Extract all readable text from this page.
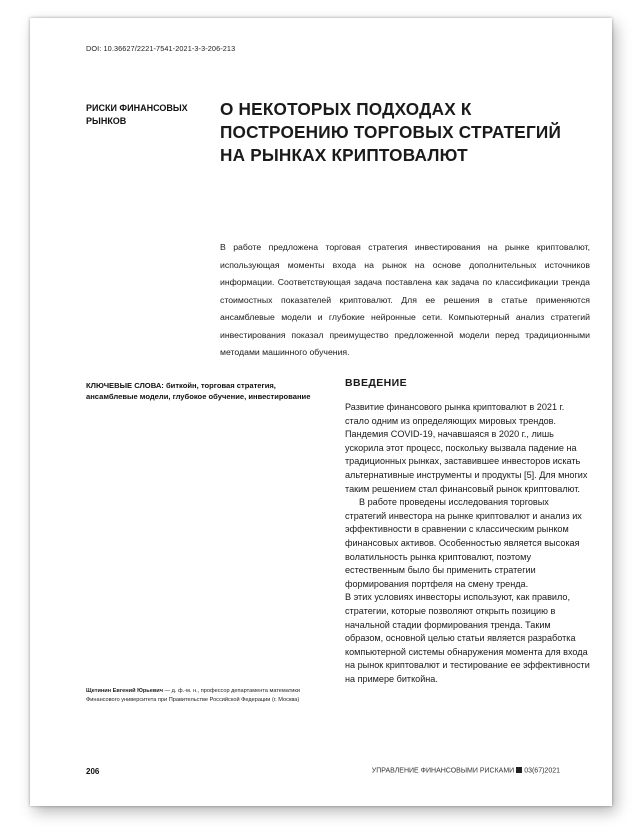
DOI: 10.36627/2221-7541-2021-3-3-206-213
РИСКИ ФИНАНСОВЫХ РЫНКОВ
О НЕКОТОРЫХ ПОДХОДАХ К ПОСТРОЕНИЮ ТОРГОВЫХ СТРАТЕГИЙ НА РЫНКАХ КРИПТОВАЛЮТ
В работе предложена торговая стратегия инвестирования на рынке криптовалют, использующая моменты входа на рынок на основе дополнительных источников информации. Соответствующая задача поставлена как задача по классификации тренда стоимостных показателей криптовалют. Для ее решения в статье применяются ансамблевые модели и глубокие нейронные сети. Компьютерный анализ стратегий инвестирования показал преимущество предложенной модели перед традиционными методами машинного обучения.
КЛЮЧЕВЫЕ СЛОВА: биткойн, торговая стратегия, ансамблевые модели, глубокое обучение, инвестирование
ВВЕДЕНИЕ

Развитие финансового рынка криптовалют в 2021 г. стало одним из определяющих мировых трендов. Пандемия COVID-19, начавшаяся в 2020 г., лишь ускорила этот процесс, поскольку вызвала падение на традиционных рынках, заставившее инвесторов искать альтернативные инструменты и продукты [5]. Для многих таким решением стал финансовый рынок криптовалют.

В работе проведены исследования торговых стратегий инвестора на рынке криптовалют и анализ их эффективности в сравнении с классическим рынком финансовых активов. Особенностью является высокая волатильность рынка криптовалют, поэтому естественным было бы применить стратегии формирования портфеля на смену тренда.

В этих условиях инвесторы используют, как правило, стратегии, которые позволяют открыть позицию в начальной стадии формирования тренда. Таким образом, основной целью статьи является разработка компьютерной системы обнаружения момента для входа на рынок криптовалют и тестирование ее эффективности на примере биткойна.

Щетинин Евгений Юрьевич — д. ф.-м. н., профессор департамента математики Финансового университета при Правительстве Российской Федерации (г. Москва)
206	УПРАВЛЕНИЕ ФИНАНСОВЫМИ РИСКАМИ 03(67)2021
